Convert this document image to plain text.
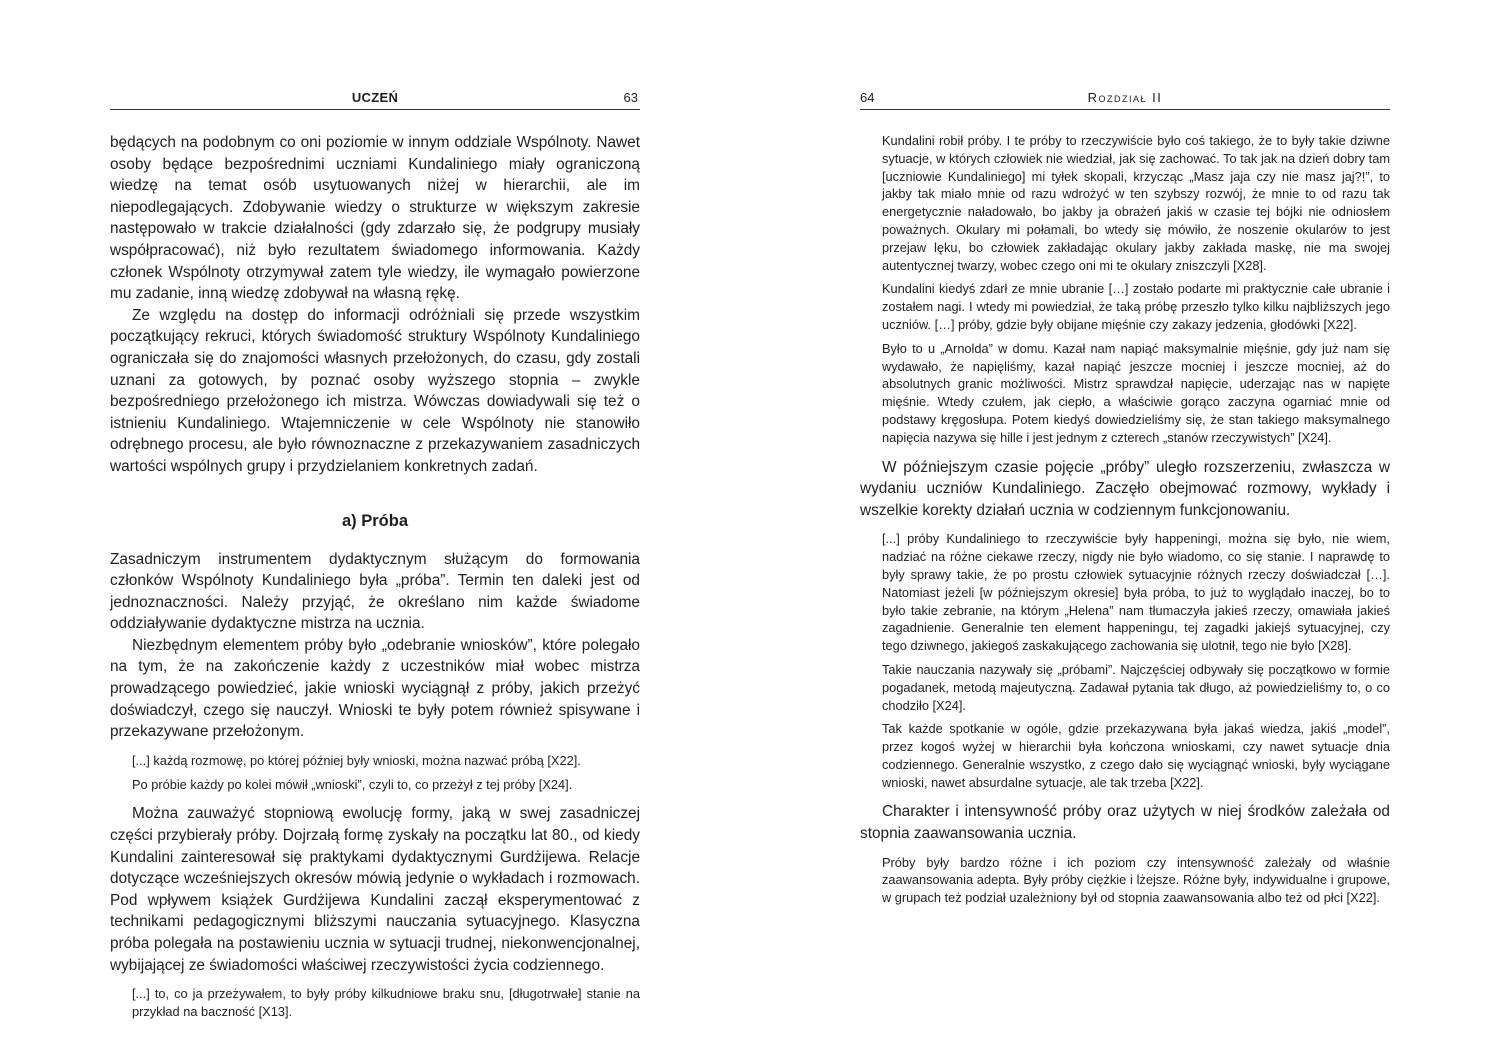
UCZEŃ	63

będących na podobnym co oni poziomie w innym oddziale Wspólnoty. Nawet osoby będące bezpośrednimi uczniami Kundaliniego miały ograniczoną wiedzę na temat osób usytuowanych niżej w hierarchii, ale im niepodlegających. Zdobywanie wiedzy o strukturze w większym zakresie następowało w trakcie działalności (gdy zdarzało się, że podgrupy musiały współpracować), niż było rezultatem świadomego informowania. Każdy członek Wspólnoty otrzymywał zatem tyle wiedzy, ile wymagało powierzone mu zadanie, inną wiedzę zdobywał na własną rękę.

Ze względu na dostęp do informacji odróżniali się przede wszystkim początkujący rekruci, których świadomość struktury Wspólnoty Kundaliniego ograniczała się do znajomości własnych przełożonych, do czasu, gdy zostali uznani za gotowych, by poznać osoby wyższego stopnia – zwykle bezpośredniego przełożonego ich mistrza. Wówczas dowiadywali się też o istnieniu Kundaliniego. Wtajemniczenie w cele Wspólnoty nie stanowiło odrębnego procesu, ale było równoznaczne z przekazywaniem zasadniczych wartości wspólnych grupy i przydzielaniem konkretnych zadań.

a) Próba

Zasadniczym instrumentem dydaktycznym służącym do formowania członków Wspólnoty Kundaliniego była „próba”. Termin ten daleki jest od jednoznaczności. Należy przyjąć, że określano nim każde świadome oddziaływanie dydaktyczne mistrza na ucznia.

Niezbędnym elementem próby było „odebranie wniosków”, które polegało na tym, że na zakończenie każdy z uczestników miał wobec mistrza prowadzącego powiedzieć, jakie wnioski wyciągnął z próby, jakich przeżyć doświadczył, czego się nauczył. Wnioski te były potem również spisywane i przekazywane przełożonym.

[...] każdą rozmowę, po której później były wnioski, można nazwać próbą [X22].

Po próbie każdy po kolei mówił „wnioski”, czyli to, co przeżył z tej próby [X24].

Można zauważyć stopniową ewolucję formy, jaką w swej zasadniczej części przybierały próby. Dojrzałą formę zyskały na początku lat 80., od kiedy Kundalini zainteresował się praktykami dydaktycznymi Gurdżijewa. Relacje dotyczące wcześniejszych okresów mówią jedynie o wykładach i rozmowach. Pod wpływem książek Gurdżijewa Kundalini zaczął eksperymentować z technikami pedagogicznymi bliższymi nauczania sytuacyjnego. Klasyczna próba polegała na postawieniu ucznia w sytuacji trudnej, niekonwencjonalnej, wybijającej ze świadomości właściwej rzeczywistości życia codziennego.

[...] to, co ja przeżywałem, to były próby kilkudniowe braku snu, [długotrwałe] stanie na przykład na baczność [X13].

64	Rozdział II

Kundalini robił próby. I te próby to rzeczywiście było coś takiego, że to były takie dziwne sytuacje, w których człowiek nie wiedział, jak się zachować. To tak jak na dzień dobry tam [uczniowie Kundaliniego] mi tyłek skopali, krzycząc „Masz jaja czy nie masz jaj?!”, to jakby tak miało mnie od razu wdrożyć w ten szybszy rozwój, że mnie to od razu tak energetycznie naładowało, bo jakby ja obrażeń jakiś w czasie tej bójki nie odniosłem poważnych. Okulary mi połamali, bo wtedy się mówiło, że noszenie okularów to jest przejaw lęku, bo człowiek zakładając okulary jakby zakłada maskę, nie ma swojej autentycznej twarzy, wobec czego oni mi te okulary zniszczyli [X28].

Kundalini kiedyś zdarł ze mnie ubranie […] zostało podarte mi praktycznie całe ubranie i zostałem nagi. I wtedy mi powiedział, że taką próbę przeszło tylko kilku najbliższych jego uczniów. […] próby, gdzie były obijane mięśnie czy zakazy jedzenia, głodówki [X22].

Było to u „Arnolda” w domu. Kazał nam napiąć maksymalnie mięśnie, gdy już nam się wydawało, że napięliśmy, kazał napiąć jeszcze mocniej i jeszcze mocniej, aż do absolutnych granic możliwości. Mistrz sprawdzał napięcie, uderzając nas w napięte mięśnie. Wtedy czułem, jak ciepło, a właściwie gorąco zaczyna ogarniać mnie od podstawy kręgosłupa. Potem kiedyś dowiedzieliśmy się, że stan takiego maksymalnego napięcia nazywa się hille i jest jednym z czterech „stanów rzeczywistych” [X24].

W późniejszym czasie pojęcie „próby” uległo rozszerzeniu, zwłaszcza w wydaniu uczniów Kundaliniego. Zaczęło obejmować rozmowy, wykłady i wszelkie korekty działań ucznia w codziennym funkcjonowaniu.

[...] próby Kundaliniego to rzeczywiście były happeningi, można się było, nie wiem, nadziać na różne ciekawe rzeczy, nigdy nie było wiadomo, co się stanie. I naprawdę to były sprawy takie, że po prostu człowiek sytuacyjnie różnych rzeczy doświadczał […]. Natomiast jeżeli [w późniejszym okresie] była próba, to już to wyglądało inaczej, bo to było takie zebranie, na którym „Helena” nam tłumaczyła jakieś rzeczy, omawiała jakieś zagadnienie. Generalnie ten element happeningu, tej zagadki jakiejś sytuacyjnej, czy tego dziwnego, jakiegoś zaskakującego zachowania się ulotnił, tego nie było [X28].

Takie nauczania nazywały się „próbami”. Najczęściej odbywały się początkowo w formie pogadanek, metodą majeutyczną. Zadawał pytania tak długo, aż powiedzieliśmy to, o co chodziło [X24].

Tak każde spotkanie w ogóle, gdzie przekazywana była jakaś wiedza, jakiś „model”, przez kogoś wyżej w hierarchii była kończona wnioskami, czy nawet sytuacje dnia codziennego. Generalnie wszystko, z czego dało się wyciągnąć wnioski, były wyciągane wnioski, nawet absurdalne sytuacje, ale tak trzeba [X22].

Charakter i intensywność próby oraz użytych w niej środków zależała od stopnia zaawansowania ucznia.

Próby były bardzo różne i ich poziom czy intensywność zależały od właśnie zaawansowania adepta. Były próby ciężkie i lżejsze. Różne były, indywidualne i grupowe, w grupach też podział uzależniony był od stopnia zaawansowania albo też od płci [X22].
